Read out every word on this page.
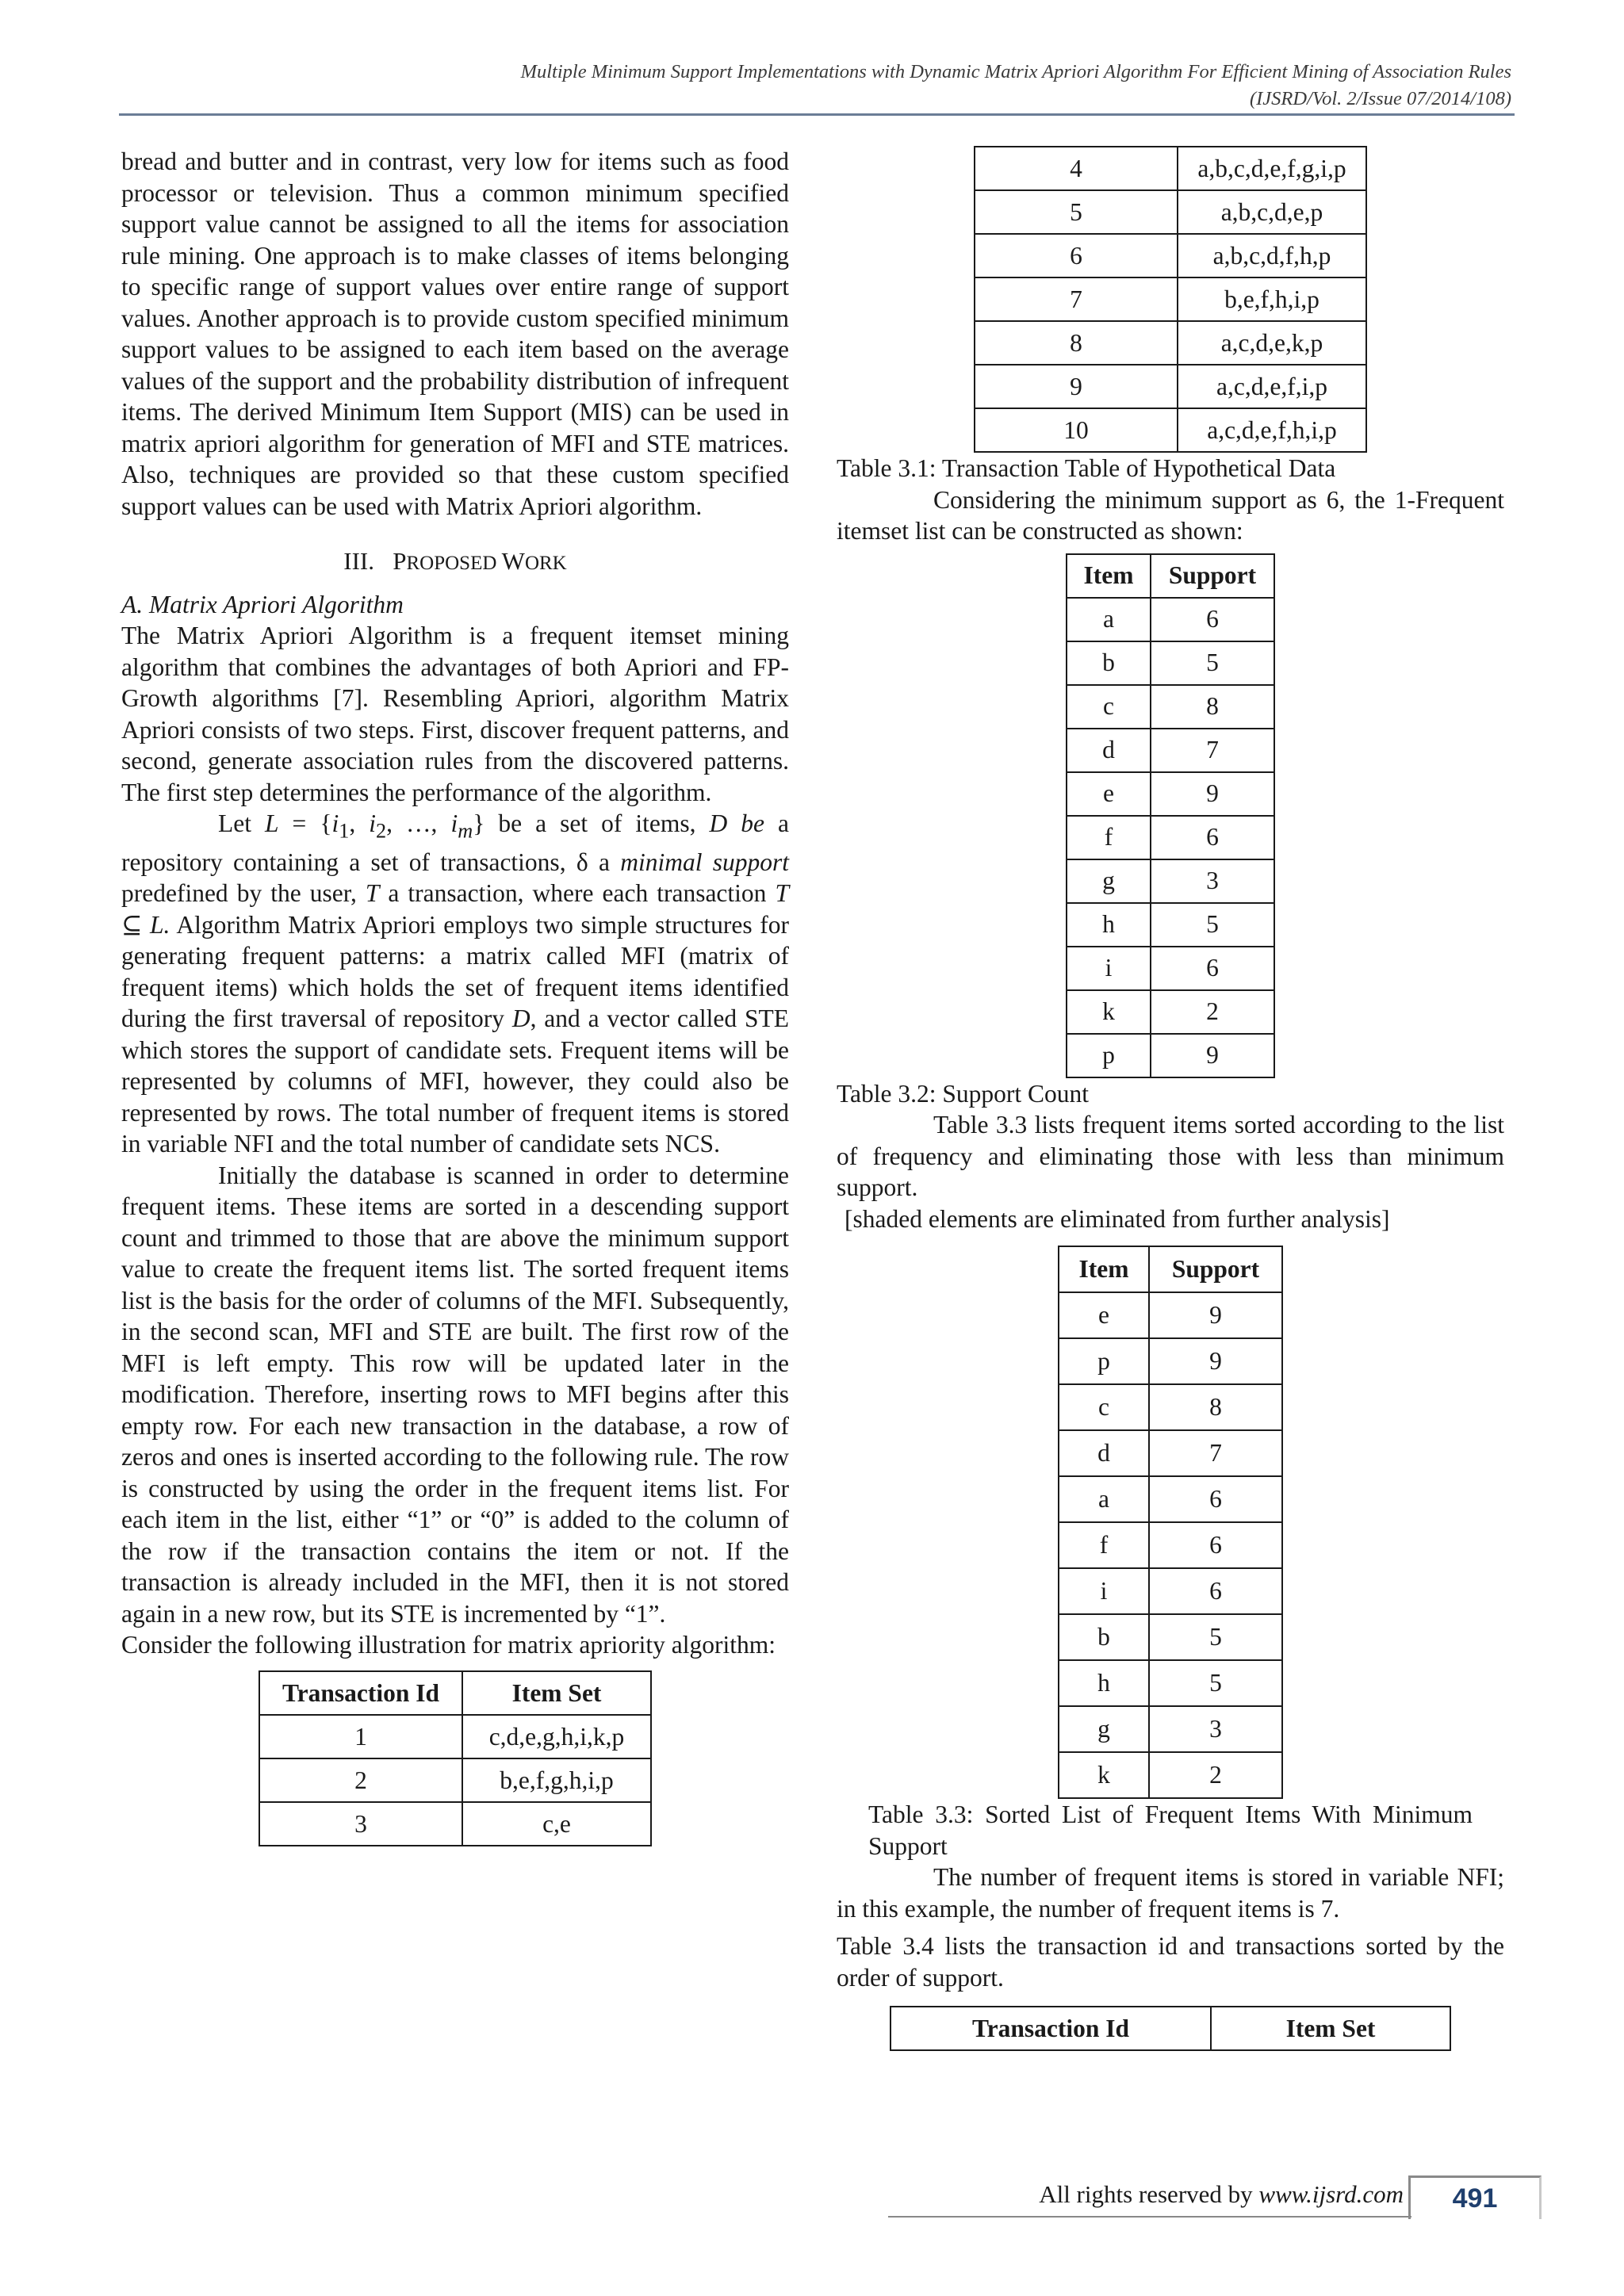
Multiple Minimum Support Implementations with Dynamic Matrix Apriori Algorithm For Efficient Mining of Association Rules
(IJSRD/Vol. 2/Issue 07/2014/108)

bread and butter and in contrast, very low for items such as food processor or television. Thus a common minimum specified support value cannot be assigned to all the items for association rule mining. One approach is to make classes of items belonging to specific range of support values over entire range of support values. Another approach is to provide custom specified minimum support values to be assigned to each item based on the average values of the support and the probability distribution of infrequent items. The derived Minimum Item Support (MIS) can be used in matrix apriori algorithm for generation of MFI and STE matrices. Also, techniques are provided so that these custom specified support values can be used with Matrix Apriori algorithm.

III. PROPOSED WORK

A. Matrix Apriori Algorithm

The Matrix Apriori Algorithm is a frequent itemset mining algorithm that combines the advantages of both Apriori and FP-Growth algorithms [7]. Resembling Apriori, algorithm Matrix Apriori consists of two steps. First, discover frequent patterns, and second, generate association rules from the discovered patterns. The first step determines the performance of the algorithm.

Let $L = \{i_1$, $i_2$, …, $i_m$} be a set of items, D be a repository containing a set of transactions, δ a minimal support predefined by the user, T a transaction, where each transaction T ⊆ L. Algorithm Matrix Apriori employs two simple structures for generating frequent patterns: a matrix called MFI (matrix of frequent items) which holds the set of frequent items identified during the first traversal of repository D, and a vector called STE which stores the support of candidate sets. Frequent items will be represented by columns of MFI, however, they could also be represented by rows. The total number of frequent items is stored in variable NFI and the total number of candidate sets NCS.

Initially the database is scanned in order to determine frequent items. These items are sorted in a descending support count and trimmed to those that are above the minimum support value to create the frequent items list. The sorted frequent items list is the basis for the order of columns of the MFI. Subsequently, in the second scan, MFI and STE are built. The first row of the MFI is left empty. This row will be updated later in the modification. Therefore, inserting rows to MFI begins after this empty row. For each new transaction in the database, a row of zeros and ones is inserted according to the following rule. The row is constructed by using the order in the frequent items list. For each item in the list, either “1” or “0” is added to the column of the row if the transaction contains the item or not. If the transaction is already included in the MFI, then it is not stored again in a new row, but its STE is incremented by “1”.

Consider the following illustration for matrix apriority algorithm:

Transaction Id	Item Set
1	c,d,e,g,h,i,k,p
2	b,e,f,g,h,i,p
3	c,e
4	a,b,c,d,e,f,g,i,p
5	a,b,c,d,e,p
6	a,b,c,d,f,h,p
7	b,e,f,h,i,p
8	a,c,d,e,k,p
9	a,c,d,e,f,i,p
10	a,c,d,e,f,h,i,p

Table 3.1: Transaction Table of Hypothetical Data

Considering the minimum support as 6, the 1-Frequent itemset list can be constructed as shown:

Item	Support
a	6
b	5
c	8
d	7
e	9
f	6
g	3
h	5
i	6
k	2
p	9

Table 3.2: Support Count

Table 3.3 lists frequent items sorted according to the list of frequency and eliminating those with less than minimum support.

[shaded elements are eliminated from further analysis]

Item	Support
e	9
p	9
c	8
d	7
a	6
f	6
i	6
b	5
h	5
g	3
k	2

Table 3.3: Sorted List of Frequent Items With Minimum Support

The number of frequent items is stored in variable NFI; in this example, the number of frequent items is 7.

Table 3.4 lists the transaction id and transactions sorted by the order of support.

Transaction Id	Item Set
All rights reserved by www.ijsrd.com	491
